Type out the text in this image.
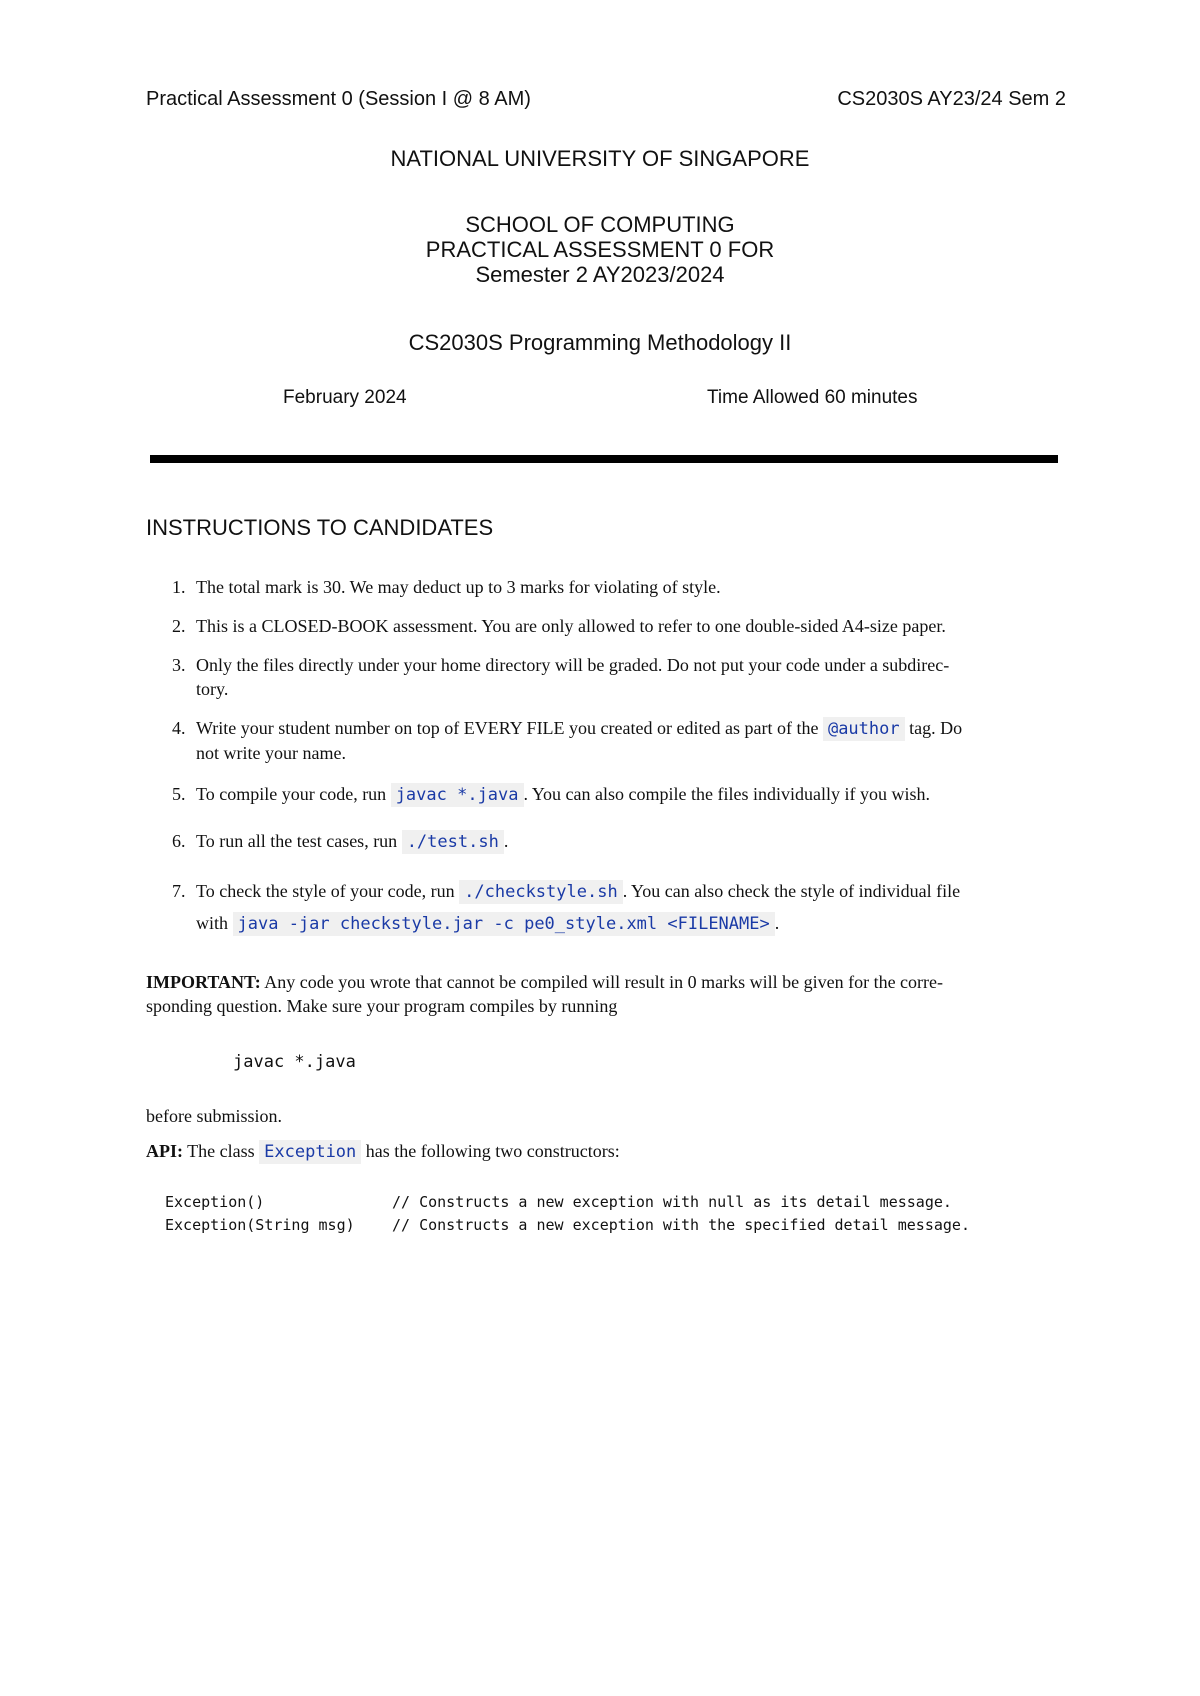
Practical Assessment 0 (Session I @ 8 AM)	CS2030S AY23/24 Sem 2
NATIONAL UNIVERSITY OF SINGAPORE
SCHOOL OF COMPUTING
PRACTICAL ASSESSMENT 0 FOR
Semester 2 AY2023/2024
CS2030S Programming Methodology II
February 2024	Time Allowed 60 minutes
INSTRUCTIONS TO CANDIDATES
1. The total mark is 30. We may deduct up to 3 marks for violating of style.
2. This is a CLOSED-BOOK assessment. You are only allowed to refer to one double-sided A4-size paper.
3. Only the files directly under your home directory will be graded. Do not put your code under a subdirec-
tory.
4. Write your student number on top of EVERY FILE you created or edited as part of the @author tag. Do
not write your name.
5. To compile your code, run javac *.java . You can also compile the files individually if you wish.
6. To run all the test cases, run ./test.sh .
7. To check the style of your code, run ./checkstyle.sh . You can also check the style of individual file
with java -jar checkstyle.jar -c pe0_style.xml <FILENAME> .
IMPORTANT: Any code you wrote that cannot be compiled will result in 0 marks will be given for the corre-
sponding question. Make sure your program compiles by running
javac *.java
before submission.
API: The class Exception has the following two constructors:
Exception()	// Constructs a new exception with null as its detail message.
Exception(String msg)	// Constructs a new exception with the specified detail message.
